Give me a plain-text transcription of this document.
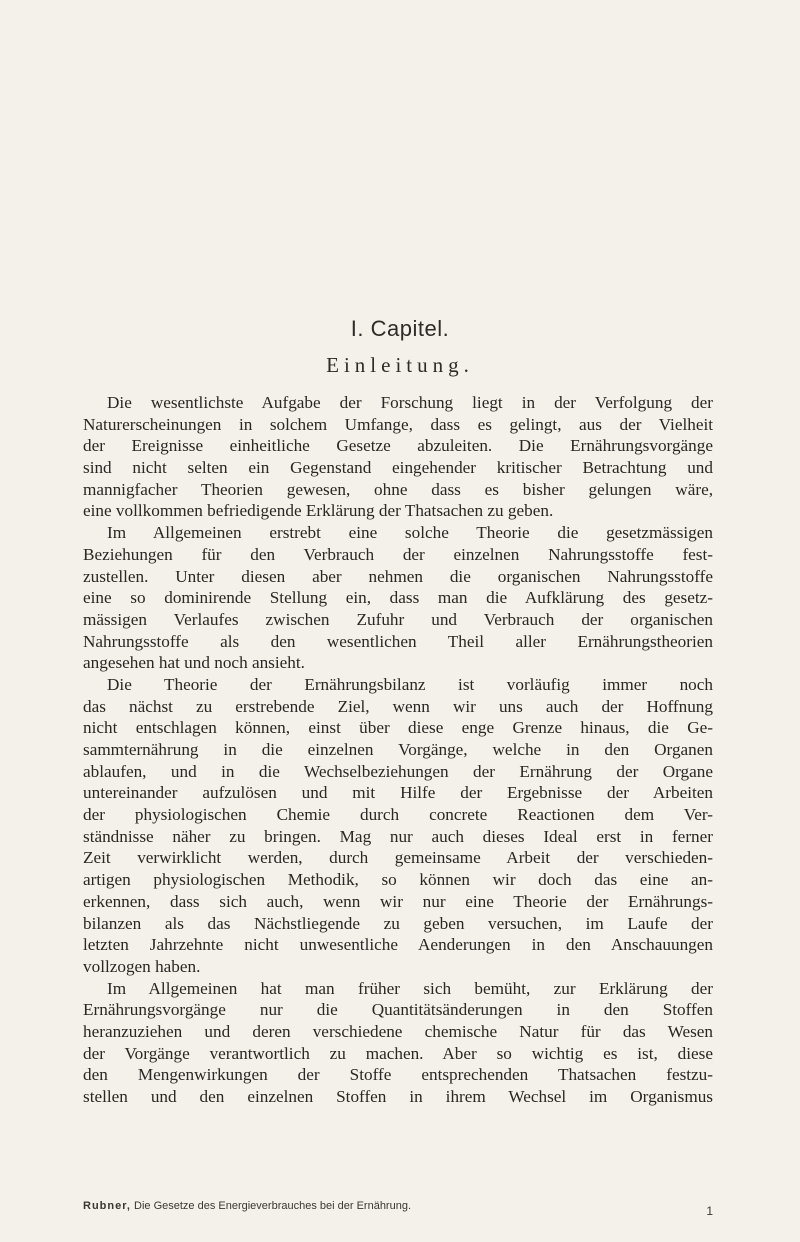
I. Capitel.
Einleitung.
Die wesentlichste Aufgabe der Forschung liegt in der Verfolgung der
Naturerscheinungen in solchem Umfange, dass es gelingt, aus der Vielheit
der Ereignisse einheitliche Gesetze abzuleiten. Die Ernährungsvorgänge
sind nicht selten ein Gegenstand eingehender kritischer Betrachtung und
mannigfacher Theorien gewesen, ohne dass es bisher gelungen wäre,
eine vollkommen befriedigende Erklärung der Thatsachen zu geben.
Im Allgemeinen erstrebt eine solche Theorie die gesetzmässigen
Beziehungen für den Verbrauch der einzelnen Nahrungsstoffe fest-
zustellen. Unter diesen aber nehmen die organischen Nahrungsstoffe
eine so dominirende Stellung ein, dass man die Aufklärung des gesetz-
mässigen Verlaufes zwischen Zufuhr und Verbrauch der organischen
Nahrungsstoffe als den wesentlichen Theil aller Ernährungstheorien
angesehen hat und noch ansieht.
Die Theorie der Ernährungsbilanz ist vorläufig immer noch
das nächst zu erstrebende Ziel, wenn wir uns auch der Hoffnung
nicht entschlagen können, einst über diese enge Grenze hinaus, die Ge-
sammternährung in die einzelnen Vorgänge, welche in den Organen
ablaufen, und in die Wechselbeziehungen der Ernährung der Organe
untereinander aufzulösen und mit Hilfe der Ergebnisse der Arbeiten
der physiologischen Chemie durch concrete Reactionen dem Ver-
ständnisse näher zu bringen. Mag nur auch dieses Ideal erst in ferner
Zeit verwirklicht werden, durch gemeinsame Arbeit der verschieden-
artigen physiologischen Methodik, so können wir doch das eine an-
erkennen, dass sich auch, wenn wir nur eine Theorie der Ernährungs-
bilanzen als das Nächstliegende zu geben versuchen, im Laufe der
letzten Jahrzehnte nicht unwesentliche Aenderungen in den Anschauungen
vollzogen haben.
Im Allgemeinen hat man früher sich bemüht, zur Erklärung der
Ernährungsvorgänge nur die Quantitätsänderungen in den Stoffen
heranzuziehen und deren verschiedene chemische Natur für das Wesen
der Vorgänge verantwortlich zu machen. Aber so wichtig es ist, diese
den Mengenwirkungen der Stoffe entsprechenden Thatsachen festzu-
stellen und den einzelnen Stoffen in ihrem Wechsel im Organismus
Rubner, Die Gesetze des Energieverbrauches bei der Ernährung.	1
